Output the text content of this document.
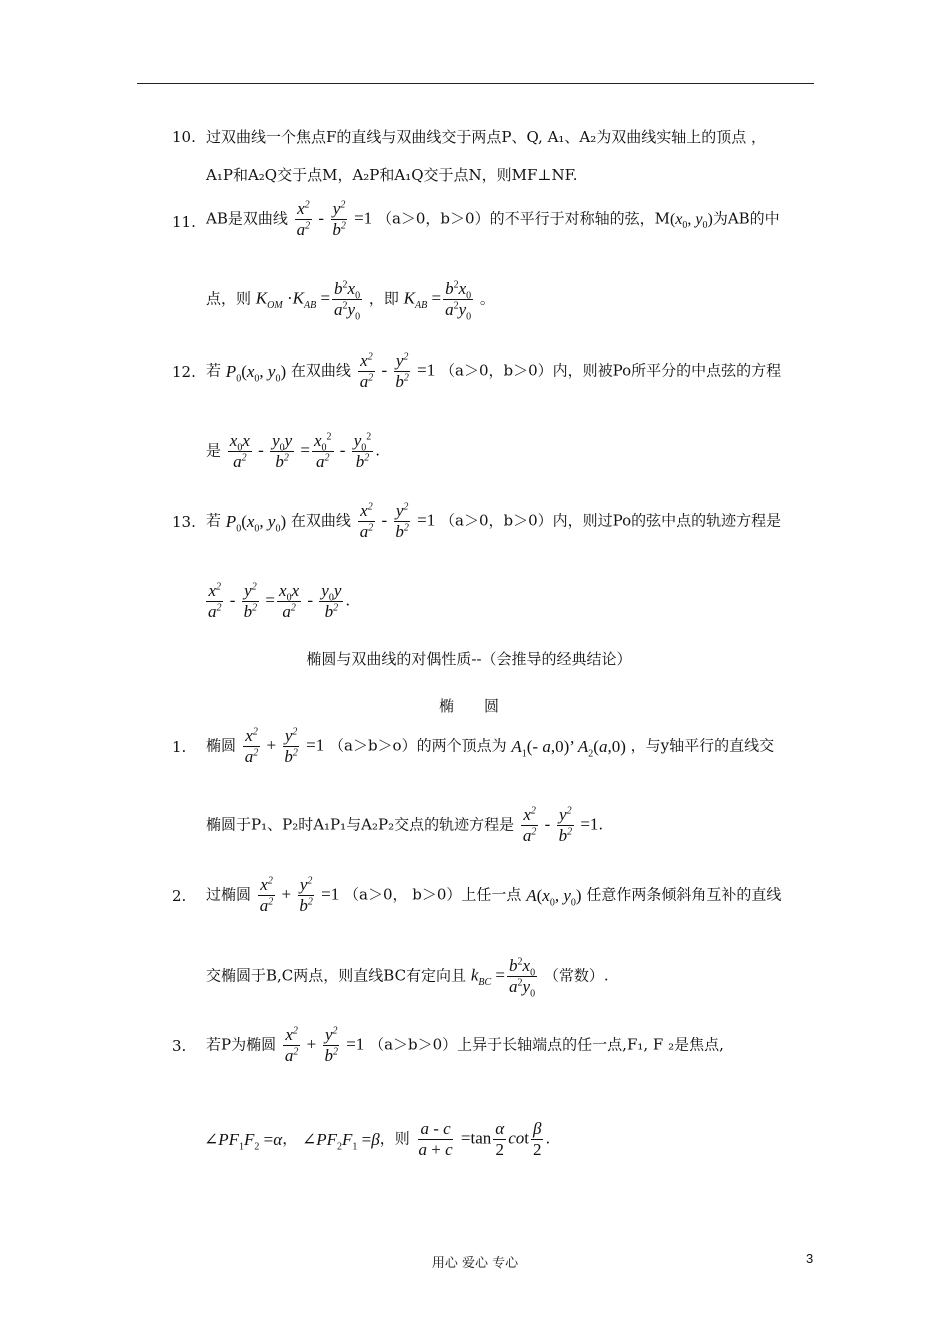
10. 过双曲线一个焦点F的直线与双曲线交于两点P、Q, A₁、A₂为双曲线实轴上的顶点 ，
A₁P和A₂Q交于点M，A₂P和A₁Q交于点N，则MF⊥NF.
11. AB是双曲线 $\frac{x^2}{a^2} - \frac{y^2}{b^2} =1$ （a＞0，b＞0）的不平行于对称轴的弦，$M(x_0$, $y_0$)为AB的中
点，则 $K_{OM} \cdot K_{AB} = \frac{b^2x_0}{a^2y_0}$ ，即 $K_{AB} = \frac{b^2x_0}{a^2y_0}$ 。
12. 若 $P_0(x_0$, $y_0$) 在双曲线 $\frac{x^2}{a^2} - \frac{y^2}{b^2} =1$ （a＞0，b＞0）内，则被Po所平分的中点弦的方程
是 $\frac{x_0x}{a^2} - \frac{y_0y}{b^2} = \frac{x_0^2}{a^2} - \frac{y_0^2}{b^2}$ .
13. 若 $P_0(x_0$, $y_0$) 在双曲线 $\frac{x^2}{a^2} - \frac{y^2}{b^2} =1$ （a＞0，b＞0）内，则过Po的弦中点的轨迹方程是
$\frac{x^2}{a^2} - \frac{y^2}{b^2} = \frac{x_0x}{a^2} - \frac{y_0y}{b^2}$ .
椭圆与双曲线的对偶性质--（会推导的经典结论）
椭　　圆
1. 椭圆 $\frac{x^2}{a^2} + \frac{y^2}{b^2} =1$ （a＞b＞o）的两个顶点为 $A_1(-$ a,0)’ $A_2(a,0)$ ，与y轴平行的直线交
椭圆于P₁、P₂时A₁P₁与A₂P₂交点的轨迹方程是 $\frac{x^2}{a^2} - \frac{y^2}{b^2} =1$.
2. 过椭圆 $\frac{x^2}{a^2} + \frac{y^2}{b^2} =1$ （a＞0， b＞0）上任一点 $A(x_0$, $y_0$) 任意作两条倾斜角互补的直线
交椭圆于B,C两点，则直线BC有定向且 $k_{BC} = \frac{b^2x_0}{a^2y_0}$ （常数）.
3. 若P为椭圆 $\frac{x^2}{a^2} + \frac{y^2}{b^2} =1$ （a＞b＞0）上异于长轴端点的任一点,F₁, F ₂是焦点,
$\angle PF_1F_2 =\alpha$， $\angle PF_2F_1 =\beta$，则 $\frac{a - c}{a + c} =\tan \frac{\alpha}{2}$ $\cot \frac{\beta}{2}$ .
用心 爱心 专心	3
